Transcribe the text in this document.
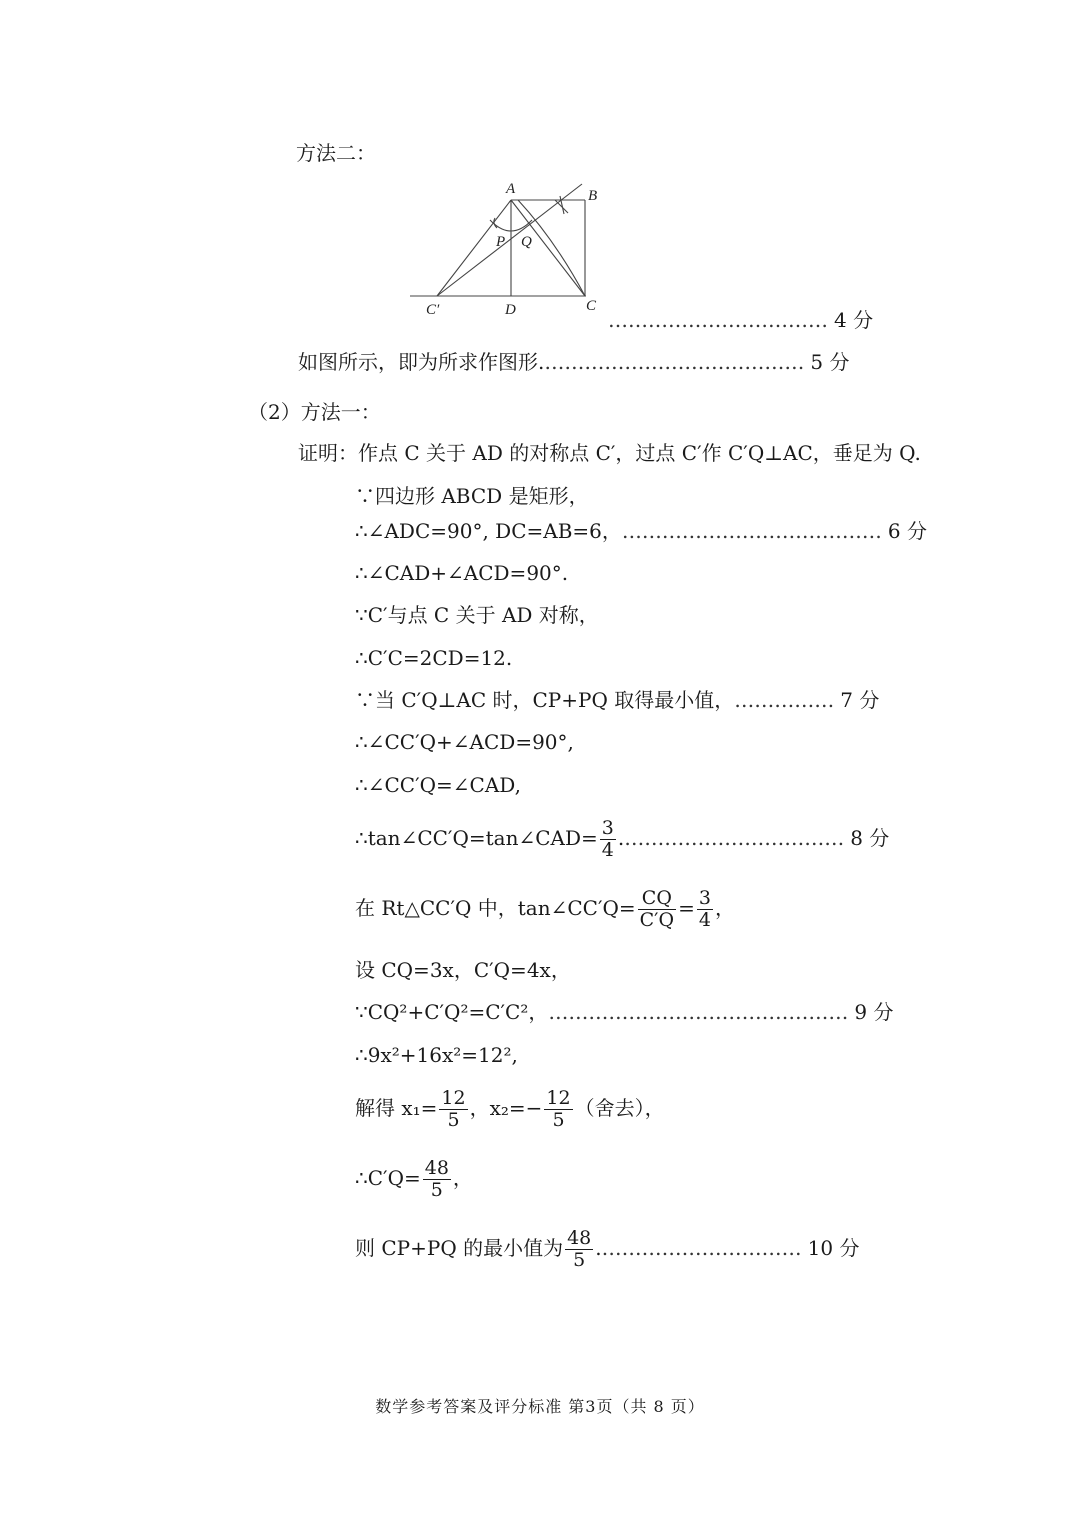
方法二：
A	B
P Q
C′	D	C
…………………………… 4 分
如图所示，即为所求作图形.………………………………… 5 分
（2）方法一：
证明：作点 C 关于 AD 的对称点 C′，过点 C′作 C′Q⊥AC，垂足为 Q.
∵四边形 ABCD 是矩形，
∴∠ADC=90°, DC=AB=6，………………………………… 6 分
∴∠CAD+∠ACD=90°.
∵C′与点 C 关于 AD 对称，
∴C′C=2CD=12.
∵当 C′Q⊥AC 时，CP+PQ 取得最小值，…………… 7 分
∴∠CC′Q+∠ACD=90°,
∴∠CC′Q=∠CAD,
∴tan∠CC′Q=tan∠CAD= $\frac{3}{4}$ .…………………………… 8 分
在 Rt△CC′Q 中，tan∠CC′Q= $\frac{CQ}{C'Q} = \frac{3}{4}$ ，
设 CQ=3x，C′Q=4x，
∵CQ²+C′Q²=C′C²，……………………………………… 9 分
∴9x²+16x²=12²,
解得 $x_1= \frac{12}{5}$ ，$x_2=- \frac{12}{5}$ （舍去），
∴C′Q= $\frac{48}{5}$ ，
则 CP+PQ 的最小值为 $\frac{48}{5}$ .………………………… 10 分
数学参考答案及评分标准 第3页（共 8 页）
